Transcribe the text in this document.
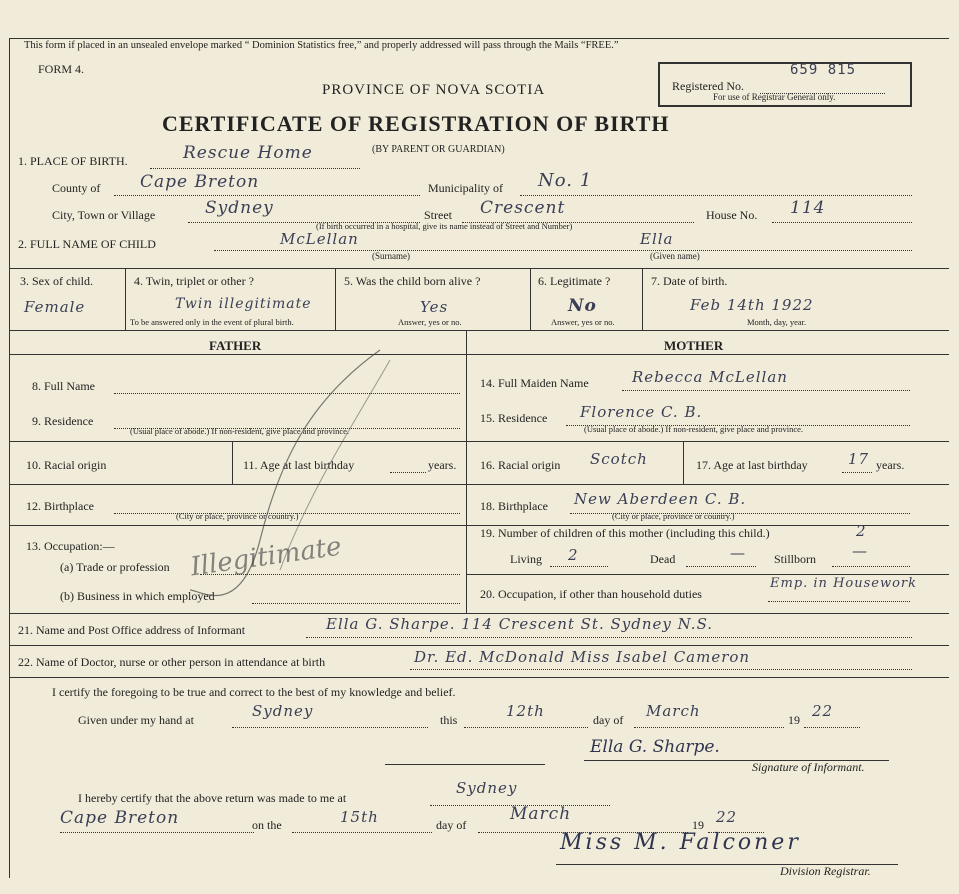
This form if placed in an unsealed envelope marked “ Dominion Statistics free,” and properly addressed will pass through the Mails “FREE.”
FORM 4.
PROVINCE OF NOVA SCOTIA
CERTIFICATE OF REGISTRATION OF BIRTH
(BY PARENT OR GUARDIAN)
Registered No.
659 815
For use of Registrar General only.
1. PLACE OF BIRTH.	Rescue Home
County of Cape Breton	Municipality of No. 1
City, Town or Village	Sydney	Street Crescent	House No. 114
(If birth occurred in a hospital, give its name instead of Street and Number)
2. FULL NAME OF CHILD	McLellan	Ella
(Surname)	(Given name)
3. Sex of child.
Female
4. Twin, triplet or other ?
Twin illegitimate
To be answered only in the event of plural birth.
5. Was the child born alive ?
Yes
Answer, yes or no.
6. Legitimate ?
No
Answer, yes or no.
7. Date of birth.
Feb 14th 1922
Month, day, year.
FATHER	MOTHER
8. Full Name
9. Residence
(Usual place of abode.) If non-resident, give place and province.
10. Racial origin	11. Age at last birthday	years.
12. Birthplace
(City or place, province or country.)
13. Occupation:—
(a) Trade or profession
(b) Business in which employed
Illegitimate
14. Full Maiden Name	Rebecca McLellan
15. Residence Florence C. B.
(Usual place of abode.) If non-resident, give place and province.
16. Racial origin Scotch	17. Age at last birthday	17 years.
18. Birthplace New Aberdeen C. B.
(City or place, province or country.)
19. Number of children of this mother (including this child.)	2
Living 2	Dead	— Stillborn —
20. Occupation, if other than household duties
Emp. in Housework
21. Name and Post Office address of Informant	Ella G. Sharpe. 114 Crescent St. Sydney N.S.
22. Name of Doctor, nurse or other person in attendance at birth	Dr. Ed. McDonald Miss Isabel Cameron
I certify the foregoing to be true and correct to the best of my knowledge and belief.
Given under my hand at	Sydney	this	12th	day of March	19 22
Ella G. Sharpe.
Signature of Informant.
I hereby certify that the above return was made to me at
Sydney
Cape Breton	on the	15th	day of
March
19 22
Miss M. Falconer
Division Registrar.
